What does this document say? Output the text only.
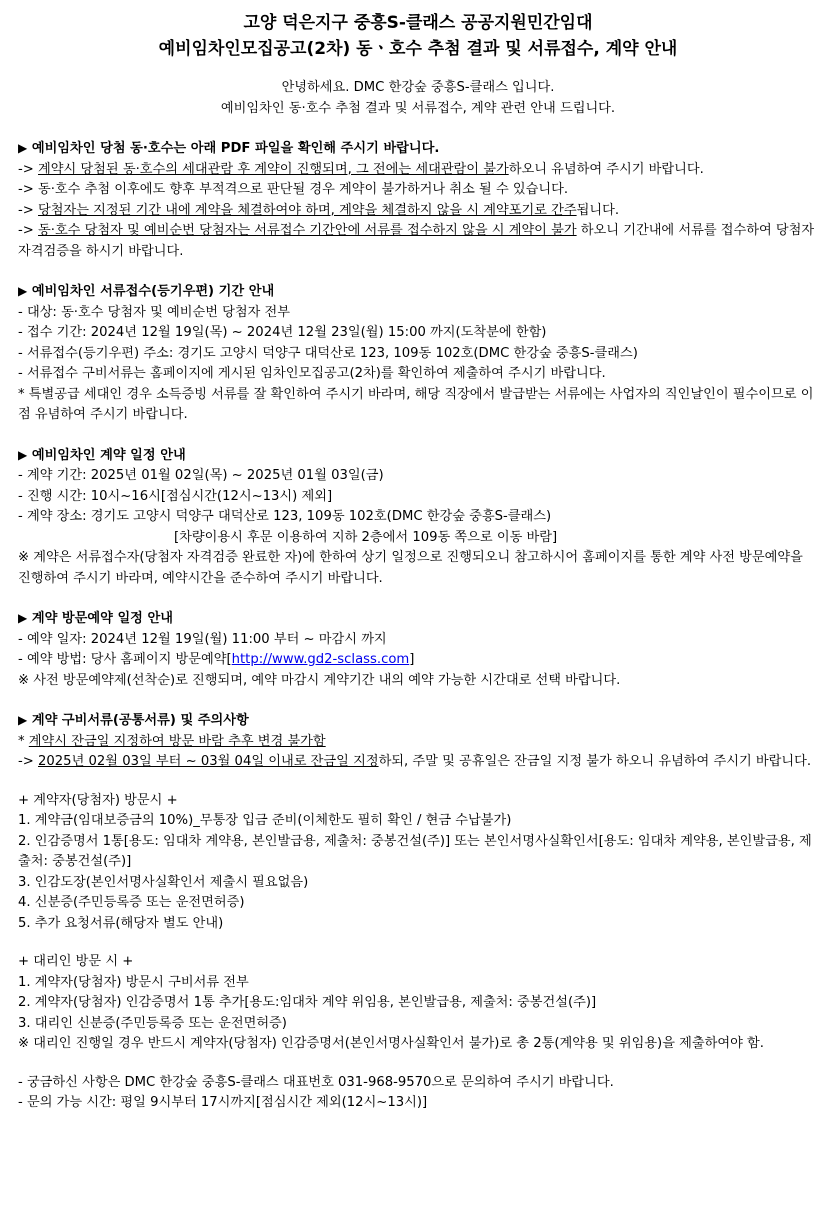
고양 덕은지구 중흥S-클래스 공공지원민간임대
예비임차인모집공고(2차) 동ㆍ호수 추첨 결과 및 서류접수, 계약 안내
안녕하세요. DMC 한강숲 중흥S-클래스 입니다.
예비임차인 동·호수 추첨 결과 및 서류접수, 계약 관련 안내 드립니다.
▶ 예비임차인 당첨 동·호수는 아래 PDF 파일을 확인해 주시기 바랍니다.
-> 계약시 당첨된 동·호수의 세대관람 후 계약이 진행되며, 그 전에는 세대관람이 불가하오니 유념하여 주시기 바랍니다.
-> 동·호수 추첨 이후에도 향후 부적격으로 판단될 경우 계약이 불가하거나 취소 될 수 있습니다.
-> 당첨자는 지정된 기간 내에 계약을 체결하여야 하며, 계약을 체결하지 않을 시 계약포기로 간주됩니다.
-> 동·호수 당첨자 및 예비순번 당첨자는 서류접수 기간안에 서류를 접수하지 않을 시 계약이 불가 하오니 기간내에 서류를 접수하여 당첨자 자격검증을 하시기 바랍니다.
▶ 예비임차인 서류접수(등기우편) 기간 안내
- 대상: 동·호수 당첨자 및 예비순번 당첨자 전부
- 접수 기간: 2024년 12월 19일(목) ~ 2024년 12월 23일(월) 15:00 까지(도착분에 한함)
- 서류접수(등기우편) 주소: 경기도 고양시 덕양구 대덕산로 123, 109동 102호(DMC 한강숲 중흥S-클래스)
- 서류접수 구비서류는 홈페이지에 게시된 임차인모집공고(2차)를 확인하여 제출하여 주시기 바랍니다.
* 특별공급 세대인 경우 소득증빙 서류를 잘 확인하여 주시기 바라며, 해당 직장에서 발급받는 서류에는 사업자의 직인날인이 필수이므로 이점 유념하여 주시기 바랍니다.
▶ 예비임차인 계약 일정 안내
- 계약 기간: 2025년 01월 02일(목) ~ 2025년 01월 03일(금)
- 진행 시간: 10시~16시[점심시간(12시~13시) 제외]
- 계약 장소: 경기도 고양시 덕양구 대덕산로 123, 109동 102호(DMC 한강숲 중흥S-클래스)
[차량이용시 후문 이용하여 지하 2층에서 109동 쪽으로 이동 바람]
※ 계약은 서류접수자(당첨자 자격검증 완료한 자)에 한하여 상기 일정으로 진행되오니 참고하시어 홈페이지를 통한 계약 사전 방문예약을 진행하여 주시기 바라며, 예약시간을 준수하여 주시기 바랍니다.
▶ 계약 방문예약 일정 안내
- 예약 일자: 2024년 12월 19일(월) 11:00 부터 ~ 마감시 까지
- 예약 방법: 당사 홈페이지 방문예약[http://www.gd2-sclass.com]
※ 사전 방문예약제(선착순)로 진행되며, 예약 마감시 계약기간 내의 예약 가능한 시간대로 선택 바랍니다.
▶ 계약 구비서류(공통서류) 및 주의사항
* 계약시 잔금일 지정하여 방문 바람 추후 변경 불가함
-> 2025년 02월 03일 부터 ~ 03월 04일 이내로 잔금일 지정하되, 주말 및 공휴일은 잔금일 지정 불가 하오니 유념하여 주시기 바랍니다.
+ 계약자(당첨자) 방문시 +
1. 계약금(임대보증금의 10%)_무통장 입금 준비(이체한도 필히 확인 / 현금 수납불가)
2. 인감증명서 1통[용도: 임대차 계약용, 본인발급용, 제출처: 중봉건설(주)] 또는 본인서명사실확인서[용도: 임대차 계약용, 본인발급용, 제출처: 중봉건설(주)]
3. 인감도장(본인서명사실확인서 제출시 필요없음)
4. 신분증(주민등록증 또는 운전면허증)
5. 추가 요청서류(해당자 별도 안내)
+ 대리인 방문 시 +
1. 계약자(당첨자) 방문시 구비서류 전부
2. 계약자(당첨자) 인감증명서 1통 추가[용도:임대차 계약 위임용, 본인발급용, 제출처: 중봉건설(주)]
3. 대리인 신분증(주민등록증 또는 운전면허증)
※ 대리인 진행일 경우 반드시 계약자(당첨자) 인감증명서(본인서명사실확인서 불가)로 총 2통(계약용 및 위임용)을 제출하여야 함.
- 궁금하신 사항은 DMC 한강숲 중흥S-클래스 대표번호 031-968-9570으로 문의하여 주시기 바랍니다.
- 문의 가능 시간: 평일 9시부터 17시까지[점심시간 제외(12시~13시)]
